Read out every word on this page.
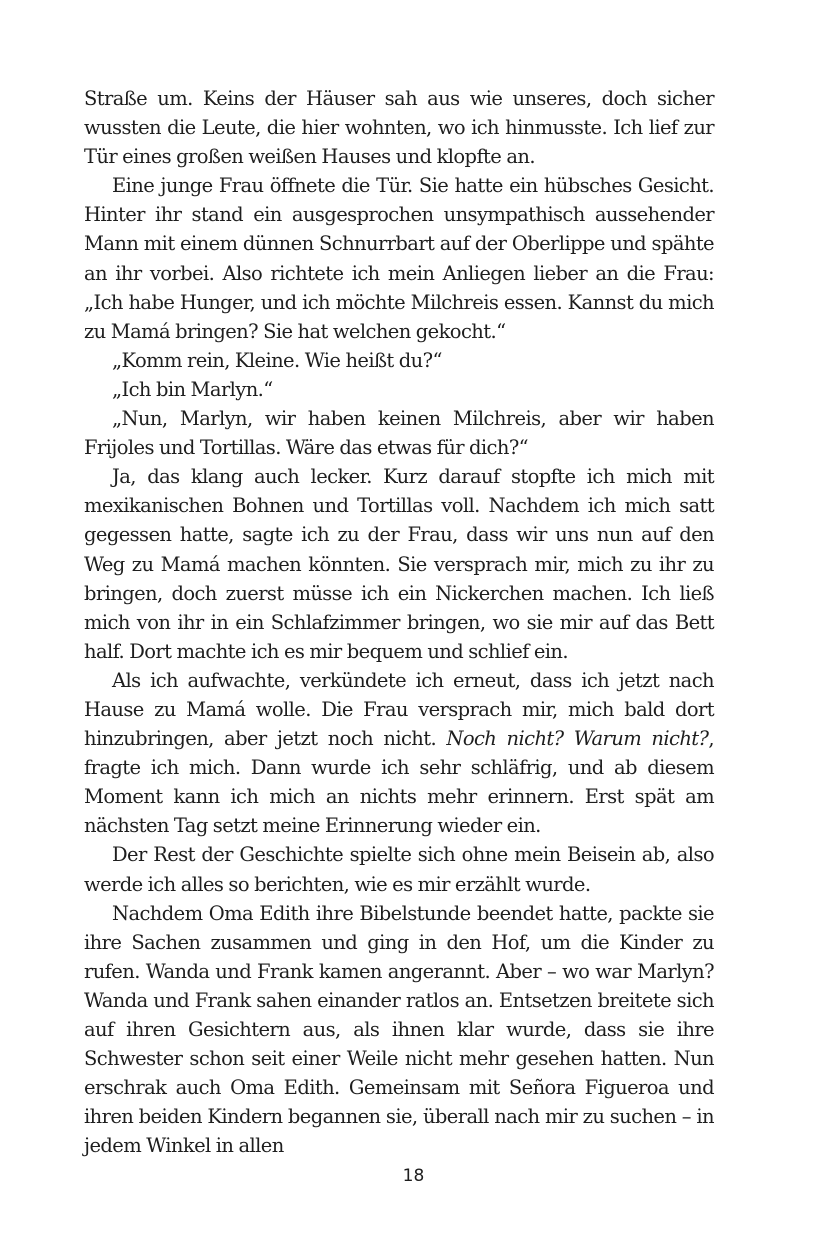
Straße um. Keins der Häuser sah aus wie unseres, doch sicher wussten die Leute, die hier wohnten, wo ich hinmusste. Ich lief zur Tür eines großen weißen Hauses und klopfte an.

Eine junge Frau öffnete die Tür. Sie hatte ein hübsches Gesicht. Hinter ihr stand ein ausgesprochen unsympathisch aussehender Mann mit einem dünnen Schnurrbart auf der Oberlippe und spähte an ihr vorbei. Also richtete ich mein Anliegen lieber an die Frau: „Ich habe Hunger, und ich möchte Milchreis essen. Kannst du mich zu Mamá bringen? Sie hat welchen gekocht.“

„Komm rein, Kleine. Wie heißt du?“

„Ich bin Marlyn.“

„Nun, Marlyn, wir haben keinen Milchreis, aber wir haben Frijoles und Tortillas. Wäre das etwas für dich?“

Ja, das klang auch lecker. Kurz darauf stopfte ich mich mit mexikanischen Bohnen und Tortillas voll. Nachdem ich mich satt gegessen hatte, sagte ich zu der Frau, dass wir uns nun auf den Weg zu Mamá machen könnten. Sie versprach mir, mich zu ihr zu bringen, doch zuerst müsse ich ein Nickerchen machen. Ich ließ mich von ihr in ein Schlafzimmer bringen, wo sie mir auf das Bett half. Dort machte ich es mir bequem und schlief ein.

Als ich aufwachte, verkündete ich erneut, dass ich jetzt nach Hause zu Mamá wolle. Die Frau versprach mir, mich bald dort hinzubringen, aber jetzt noch nicht. Noch nicht? Warum nicht?, fragte ich mich. Dann wurde ich sehr schläfrig, und ab diesem Moment kann ich mich an nichts mehr erinnern. Erst spät am nächsten Tag setzt meine Erinnerung wieder ein.

Der Rest der Geschichte spielte sich ohne mein Beisein ab, also werde ich alles so berichten, wie es mir erzählt wurde.

Nachdem Oma Edith ihre Bibelstunde beendet hatte, packte sie ihre Sachen zusammen und ging in den Hof, um die Kinder zu rufen. Wanda und Frank kamen angerannt. Aber – wo war Marlyn? Wanda und Frank sahen einander ratlos an. Entsetzen breitete sich auf ihren Gesichtern aus, als ihnen klar wurde, dass sie ihre Schwester schon seit einer Weile nicht mehr gesehen hatten. Nun erschrak auch Oma Edith. Gemeinsam mit Señora Figueroa und ihren beiden Kindern begannen sie, überall nach mir zu suchen – in jedem Winkel in allen

18
